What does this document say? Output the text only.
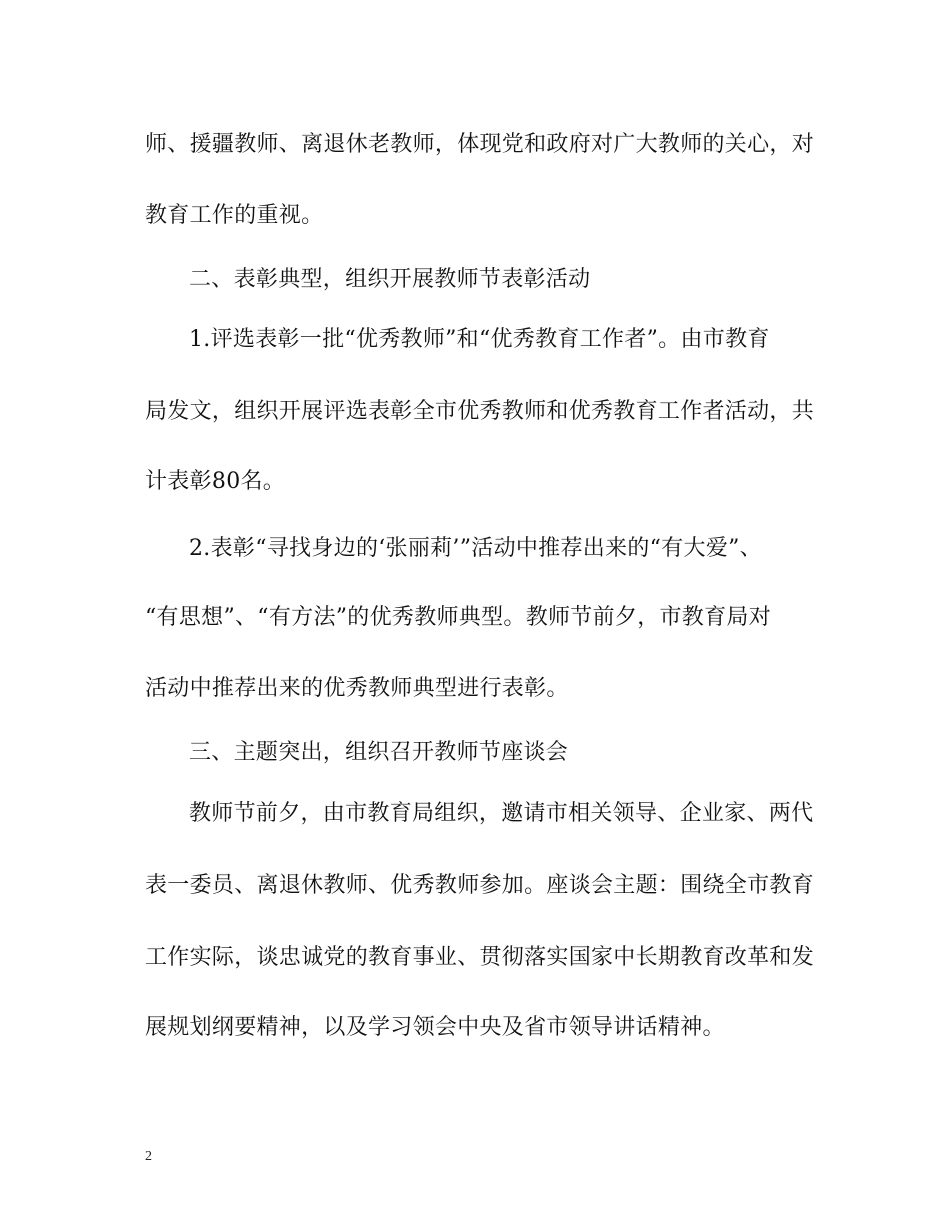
师、援疆教师、离退休老教师，体现党和政府对广大教师的关心，对
教育工作的重视。
二、表彰典型，组织开展教师节表彰活动
1.评选表彰一批“优秀教师”和“优秀教育工作者”。由市教育
局发文，组织开展评选表彰全市优秀教师和优秀教育工作者活动，共
计表彰80名。
2.表彰“寻找身边的‘张丽莉’”活动中推荐出来的“有大爱”、
“有思想”、“有方法”的优秀教师典型。教师节前夕，市教育局对
活动中推荐出来的优秀教师典型进行表彰。
三、主题突出，组织召开教师节座谈会
教师节前夕，由市教育局组织，邀请市相关领导、企业家、两代
表一委员、离退休教师、优秀教师参加。座谈会主题：围绕全市教育
工作实际，谈忠诚党的教育事业、贯彻落实国家中长期教育改革和发
展规划纲要精神，以及学习领会中央及省市领导讲话精神。
2
